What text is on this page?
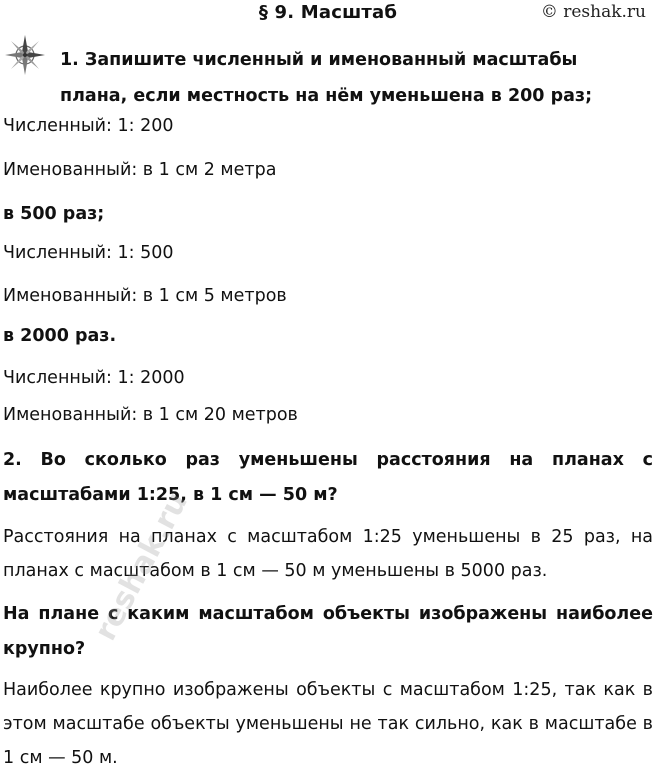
§ 9. Масштаб	© reshak.ru
1. Запишите численный и именованный масштабы плана, если местность на нём уменьшена в 200 раз;
Численный: 1: 200
Именованный: в 1 см 2 метра
в 500 раз;
Численный: 1: 500
Именованный: в 1 см 5 метров
в 2000 раз.
Численный: 1: 2000
Именованный: в 1 см 20 метров
2. Во сколько раз уменьшены расстояния на планах с масштабами 1:25, в 1 см — 50 м?
Расстояния на планах с масштабом 1:25 уменьшены в 25 раз, на планах с масштабом в 1 см — 50 м уменьшены в 5000 раз.
На плане с каким масштабом объекты изображены наиболее крупно?
Наиболее крупно изображены объекты с масштабом 1:25, так как в этом масштабе объекты уменьшены не так сильно, как в масштабе в 1 см — 50 м.
reshak.ru
